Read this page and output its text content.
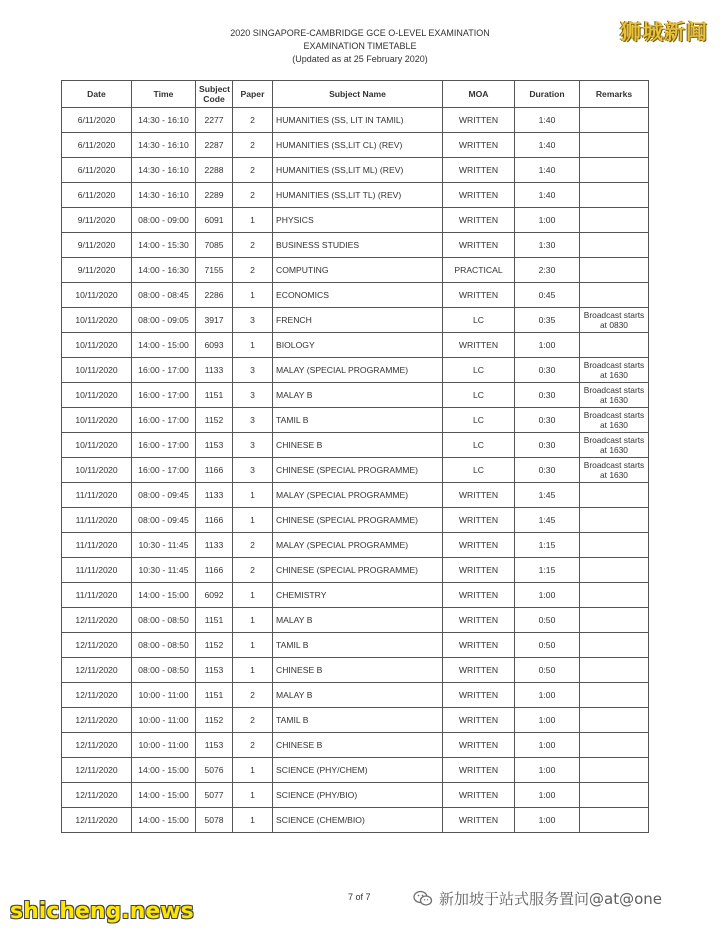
2020 SINGAPORE-CAMBRIDGE GCE O-LEVEL EXAMINATION
EXAMINATION TIMETABLE
(Updated as at 25 February 2020)
狮城新闻
Date	Time	Subject Code	Paper	Subject Name	MOA	Duration	Remarks
6/11/2020	14:30 - 16:10	2277	2	HUMANITIES (SS, LIT IN TAMIL)	WRITTEN	1:40	
6/11/2020	14:30 - 16:10	2287	2	HUMANITIES (SS,LIT CL) (REV)	WRITTEN	1:40	
6/11/2020	14:30 - 16:10	2288	2	HUMANITIES (SS,LIT ML) (REV)	WRITTEN	1:40	
6/11/2020	14:30 - 16:10	2289	2	HUMANITIES (SS,LIT TL) (REV)	WRITTEN	1:40	
9/11/2020	08:00 - 09:00	6091	1	PHYSICS	WRITTEN	1:00	
9/11/2020	14:00 - 15:30	7085	2	BUSINESS STUDIES	WRITTEN	1:30	
9/11/2020	14:00 - 16:30	7155	2	COMPUTING	PRACTICAL	2:30	
10/11/2020	08:00 - 08:45	2286	1	ECONOMICS	WRITTEN	0:45	
10/11/2020	08:00 - 09:05	3917	3	FRENCH	LC	0:35	Broadcast starts at 0830
10/11/2020	14:00 - 15:00	6093	1	BIOLOGY	WRITTEN	1:00	
10/11/2020	16:00 - 17:00	1133	3	MALAY (SPECIAL PROGRAMME)	LC	0:30	Broadcast starts at 1630
10/11/2020	16:00 - 17:00	1151	3	MALAY B	LC	0:30	Broadcast starts at 1630
10/11/2020	16:00 - 17:00	1152	3	TAMIL B	LC	0:30	Broadcast starts at 1630
10/11/2020	16:00 - 17:00	1153	3	CHINESE B	LC	0:30	Broadcast starts at 1630
10/11/2020	16:00 - 17:00	1166	3	CHINESE (SPECIAL PROGRAMME)	LC	0:30	Broadcast starts at 1630
11/11/2020	08:00 - 09:45	1133	1	MALAY (SPECIAL PROGRAMME)	WRITTEN	1:45	
11/11/2020	08:00 - 09:45	1166	1	CHINESE (SPECIAL PROGRAMME)	WRITTEN	1:45	
11/11/2020	10:30 - 11:45	1133	2	MALAY (SPECIAL PROGRAMME)	WRITTEN	1:15	
11/11/2020	10:30 - 11:45	1166	2	CHINESE (SPECIAL PROGRAMME)	WRITTEN	1:15	
11/11/2020	14:00 - 15:00	6092	1	CHEMISTRY	WRITTEN	1:00	
12/11/2020	08:00 - 08:50	1151	1	MALAY B	WRITTEN	0:50	
12/11/2020	08:00 - 08:50	1152	1	TAMIL B	WRITTEN	0:50	
12/11/2020	08:00 - 08:50	1153	1	CHINESE B	WRITTEN	0:50	
12/11/2020	10:00 - 11:00	1151	2	MALAY B	WRITTEN	1:00	
12/11/2020	10:00 - 11:00	1152	2	TAMIL B	WRITTEN	1:00	
12/11/2020	10:00 - 11:00	1153	2	CHINESE B	WRITTEN	1:00	
12/11/2020	14:00 - 15:00	5076	1	SCIENCE (PHY/CHEM)	WRITTEN	1:00	
12/11/2020	14:00 - 15:00	5077	1	SCIENCE (PHY/BIO)	WRITTEN	1:00	
12/11/2020	14:00 - 15:00	5078	1	SCIENCE (CHEM/BIO)	WRITTEN	1:00	
7 of 7	新加坡于站式服务置问@at@one
shicheng.news
